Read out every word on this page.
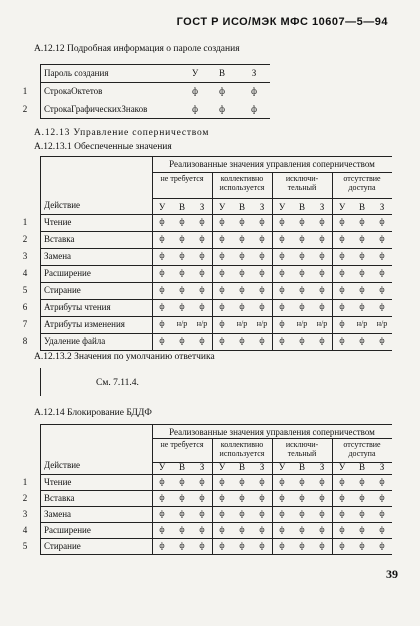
ГОСТ Р ИСО/МЭК МФС 10607—5—94
А.12.12 Подробная информация о пароле создания
Пароль создания	У	В	З
1	СтрокаОктетов	ф	ф	ф
2	СтрокаГрафическихЗнаков	ф	ф	ф
А.12.13 Управление соперничеством
А.12.13.1 Обеспеченные значения
Реализованные значения управления соперничеством
не требуется	коллективно используется
исключи-тельный
отсутствие доступа
Действие	У	В	З	У	В	З	У	В	З	У	В	З
1	Чтение	ф	ф	ф	ф	ф	ф	ф	ф	ф	ф	ф	ф
2	Вставка	ф	ф	ф	ф	ф	ф	ф	ф	ф	ф	ф	ф
3	Замена	ф	ф	ф	ф	ф	ф	ф	ф	ф	ф	ф	ф
4	Расширение	ф	ф	ф	ф	ф	ф	ф	ф	ф	ф	ф	ф
5	Стирание	ф	ф	ф	ф	ф	ф	ф	ф	ф	ф	ф	ф
6	Атрибуты чтения	ф	ф	ф	ф	ф	ф	ф	ф	ф	ф	ф	ф
7	Атрибуты изменения	ф	н/р	н/р	ф	н/р	н/р	ф	н/р	н/р	ф	н/р	н/р
8	Удаление файла	ф	ф	ф	ф	ф	ф	ф	ф	ф	ф	ф	ф
А.12.13.2 Значения по умолчанию ответчика
См. 7.11.4.
А.12.14 Блокирование БДДФ
Реализованные значения управления соперничеством
не требуется	коллективно используется
исключи-тельный
отсутствие доступа
Действие	У	В	З	У	В	З	У	В	З	У	В	З
1	Чтение	ф	ф	ф	ф	ф	ф	ф	ф	ф	ф	ф	ф
2	Вставка	ф	ф	ф	ф	ф	ф	ф	ф	ф	ф	ф	ф
3	Замена	ф	ф	ф	ф	ф	ф	ф	ф	ф	ф	ф	ф
4	Расширение	ф	ф	ф	ф	ф	ф	ф	ф	ф	ф	ф	ф
5	Стирание	ф	ф	ф	ф	ф	ф	ф	ф	ф	ф	ф	ф
39
